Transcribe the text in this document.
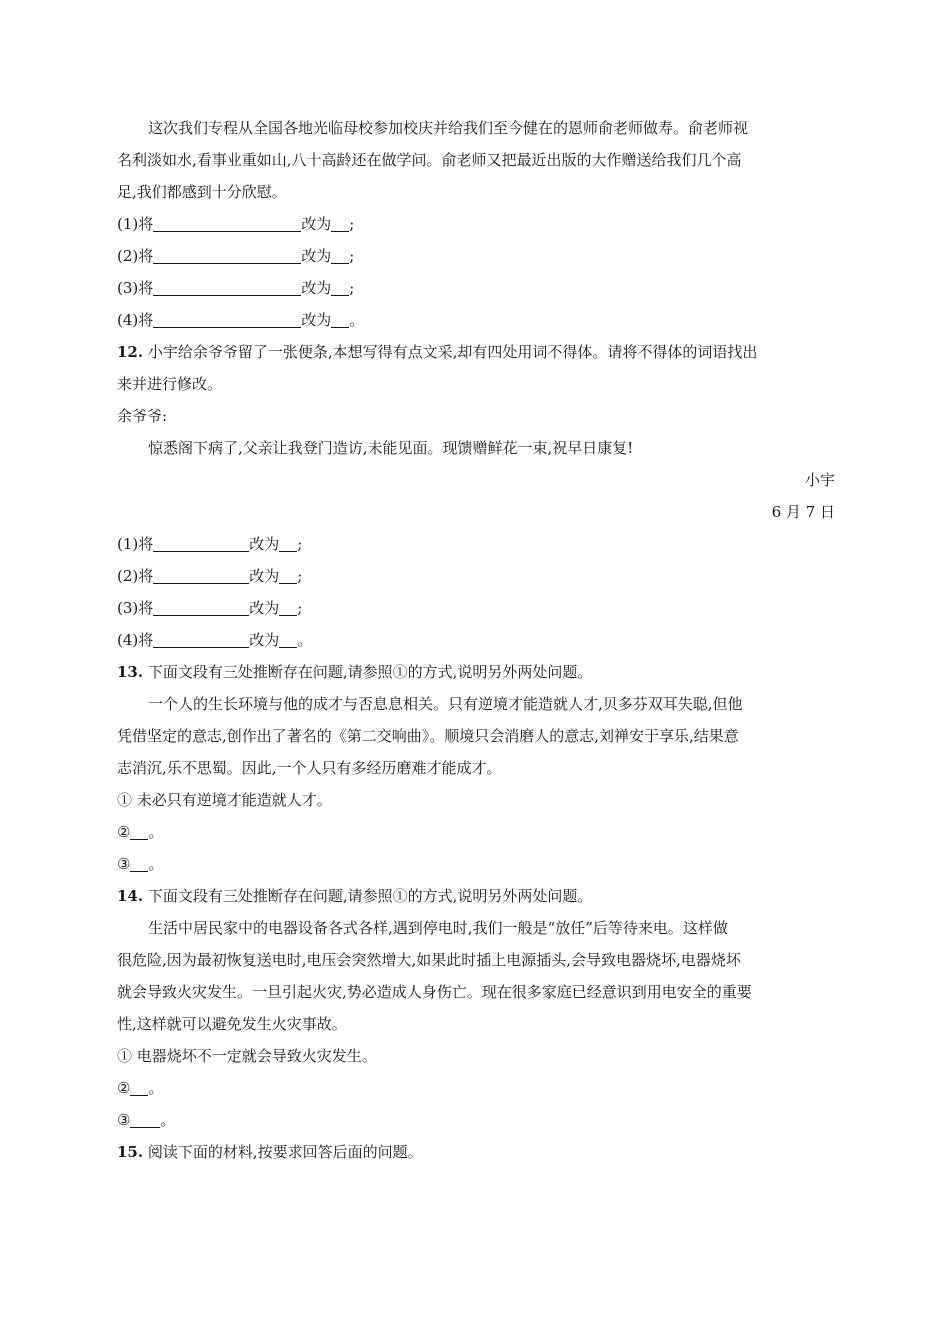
这次我们专程从全国各地光临母校参加校庆并给我们至今健在的恩师俞老师做寿。俞老师视
名利淡如水,看事业重如山,八十高龄还在做学问。俞老师又把最近出版的大作赠送给我们几个高
足,我们都感到十分欣慰。
(1)将	改为 ;
(2)将	改为 ;
(3)将	改为 ;
(4)将	改为 。
12. 小宇给余爷爷留了一张便条,本想写得有点文采,却有四处用词不得体。请将不得体的词语找出
来并进行修改。
余爷爷:
惊悉阁下病了,父亲让我登门造访,未能见面。现馈赠鲜花一束,祝早日康复!
小宇
6 月 7 日
(1)将	改为 ;
(2)将	改为 ;
(3)将	改为 ;
(4)将	改为 。
13. 下面文段有三处推断存在问题,请参照①的方式,说明另外两处问题。
一个人的生长环境与他的成才与否息息相关。只有逆境才能造就人才,贝多芬双耳失聪,但他
凭借坚定的意志,创作出了著名的《第二交响曲》。顺境只会消磨人的意志,刘禅安于享乐,结果意
志消沉,乐不思蜀。因此,一个人只有多经历磨难才能成才。
① 未必只有逆境才能造就人才。
② 。
③ 。
14. 下面文段有三处推断存在问题,请参照①的方式,说明另外两处问题。
生活中居民家中的电器设备各式各样,遇到停电时,我们一般是“放任”后等待来电。这样做
很危险,因为最初恢复送电时,电压会突然增大,如果此时插上电源插头,会导致电器烧坏,电器烧坏
就会导致火灾发生。一旦引起火灾,势必造成人身伤亡。现在很多家庭已经意识到用电安全的重要
性,这样就可以避免发生火灾事故。
① 电器烧坏不一定就会导致火灾发生。
② 。
③ 。
15. 阅读下面的材料,按要求回答后面的问题。
